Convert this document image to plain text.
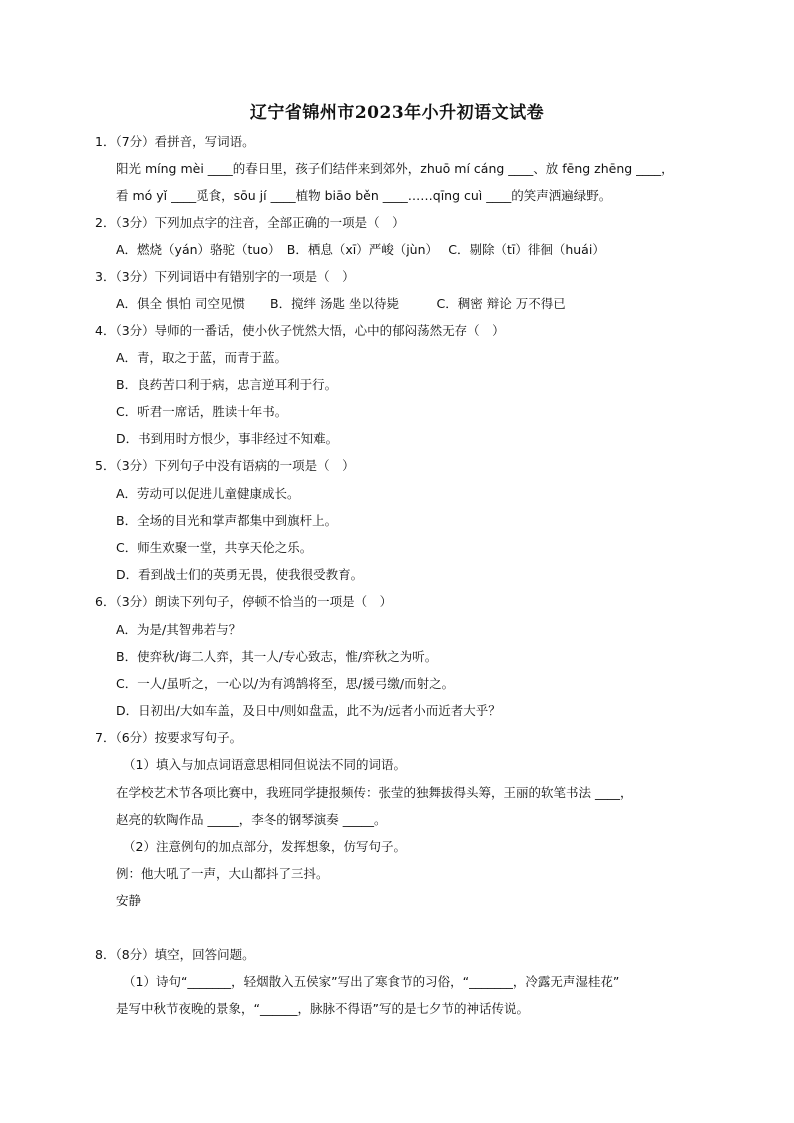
辽宁省锦州市2023年小升初语文试卷
1．（7分）看拼音，写词语。
阳光 míng mèi ____的春日里，孩子们结伴来到郊外，zhuō mí cáng ____、放 fēng zhēng ____，
看 mó yǐ ____觅食，sōu jí ____植物 biāo běn ____……qīng cuì ____的笑声洒遍绿野。
2．（3分）下列加点字的注音，全部正确的一项是（　）
A．燃烧（yán）骆驼（tuo）　B．栖息（xī）严峻（jùn）　 C．剔除（tī）徘徊（huái）
3．（3分）下列词语中有错别字的一项是（　）
A．俱全 惧怕 司空见惯　　B．搅绊 汤匙 坐以待毙　　　C．稠密 辩论 万不得已
4．（3分）导师的一番话，使小伙子恍然大悟，心中的郁闷荡然无存（　）
A．青，取之于蓝，而青于蓝。
B．良药苦口利于病，忠言逆耳利于行。
C．听君一席话，胜读十年书。
D．书到用时方恨少，事非经过不知难。
5．（3分）下列句子中没有语病的一项是（　）
A．劳动可以促进儿童健康成长。
B．全场的目光和掌声都集中到旗杆上。
C．师生欢聚一堂，共享天伦之乐。
D．看到战士们的英勇无畏，使我很受教育。
6．（3分）朗读下列句子，停顿不恰当的一项是（　）
A．为是/其智弗若与？
B．使弈秋/诲二人弈，其一人/专心致志，惟/弈秋之为听。
C．一人/虽听之，一心以/为有鸿鹄将至，思/援弓缴/而射之。
D．日初出/大如车盖，及日中/则如盘盂，此不为/远者小而近者大乎？
7．（6分）按要求写句子。
（1）填入与加点词语意思相同但说法不同的词语。
在学校艺术节各项比赛中，我班同学捷报频传：张莹的独舞拔得头筹，王丽的软笔书法 ____，
赵亮的软陶作品 _____，李冬的钢琴演奏 _____。
（2）注意例句的加点部分，发挥想象，仿写句子。
例：他大吼了一声，大山都抖了三抖。
安静
8．（8分）填空，回答问题。
（1）诗句“_______，轻烟散入五侯家”写出了寒食节的习俗，“_______，冷露无声湿桂花”
是写中秋节夜晚的景象，“______，脉脉不得语”写的是七夕节的神话传说。
